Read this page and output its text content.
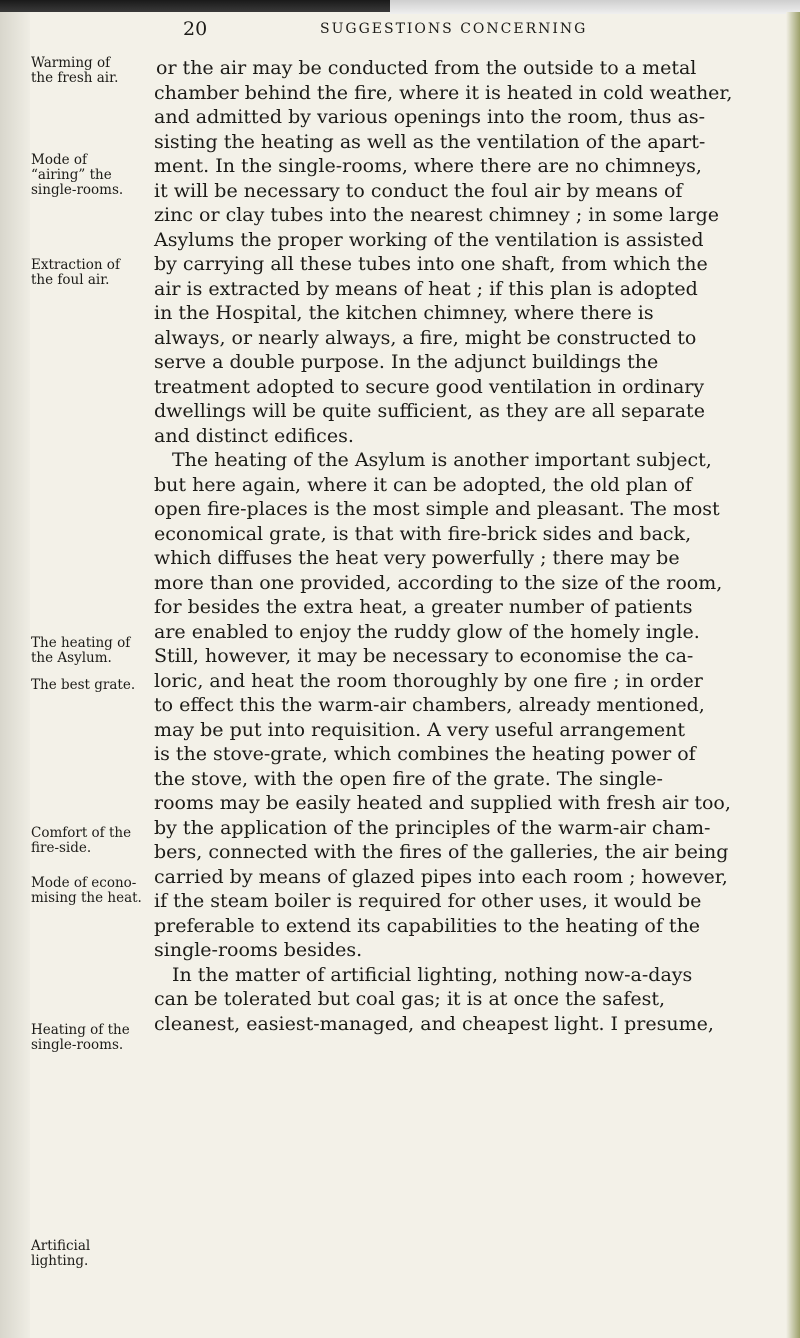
20	SUGGESTIONS CONCERNING
Warming of
the fresh air.
Mode of
“airing” the
single-rooms.
Extraction of
the foul air.
The heating of
the Asylum.
The best grate.
Comfort of the
fire-side.
Mode of econo-
mising the heat.
Heating of the
single-rooms.
Artificial
lighting.
or the air may be conducted from the outside to a metal
chamber behind the fire, where it is heated in cold weather,
and admitted by various openings into the room, thus as-
sisting the heating as well as the ventilation of the apart-
ment. In the single-rooms, where there are no chimneys,
it will be necessary to conduct the foul air by means of
zinc or clay tubes into the nearest chimney ; in some large
Asylums the proper working of the ventilation is assisted
by carrying all these tubes into one shaft, from which the
air is extracted by means of heat ; if this plan is adopted
in the Hospital, the kitchen chimney, where there is
always, or nearly always, a fire, might be constructed to
serve a double purpose. In the adjunct buildings the
treatment adopted to secure good ventilation in ordinary
dwellings will be quite sufficient, as they are all separate
and distinct edifices.
The heating of the Asylum is another important subject,
but here again, where it can be adopted, the old plan of
open fire-places is the most simple and pleasant. The most
economical grate, is that with fire-brick sides and back,
which diffuses the heat very powerfully ; there may be
more than one provided, according to the size of the room,
for besides the extra heat, a greater number of patients
are enabled to enjoy the ruddy glow of the homely ingle.
Still, however, it may be necessary to economise the ca-
loric, and heat the room thoroughly by one fire ; in order
to effect this the warm-air chambers, already mentioned,
may be put into requisition. A very useful arrangement
is the stove-grate, which combines the heating power of
the stove, with the open fire of the grate. The single-
rooms may be easily heated and supplied with fresh air too,
by the application of the principles of the warm-air cham-
bers, connected with the fires of the galleries, the air being
carried by means of glazed pipes into each room ; however,
if the steam boiler is required for other uses, it would be
preferable to extend its capabilities to the heating of the
single-rooms besides.
In the matter of artificial lighting, nothing now-a-days
can be tolerated but coal gas; it is at once the safest,
cleanest, easiest-managed, and cheapest light. I presume,
